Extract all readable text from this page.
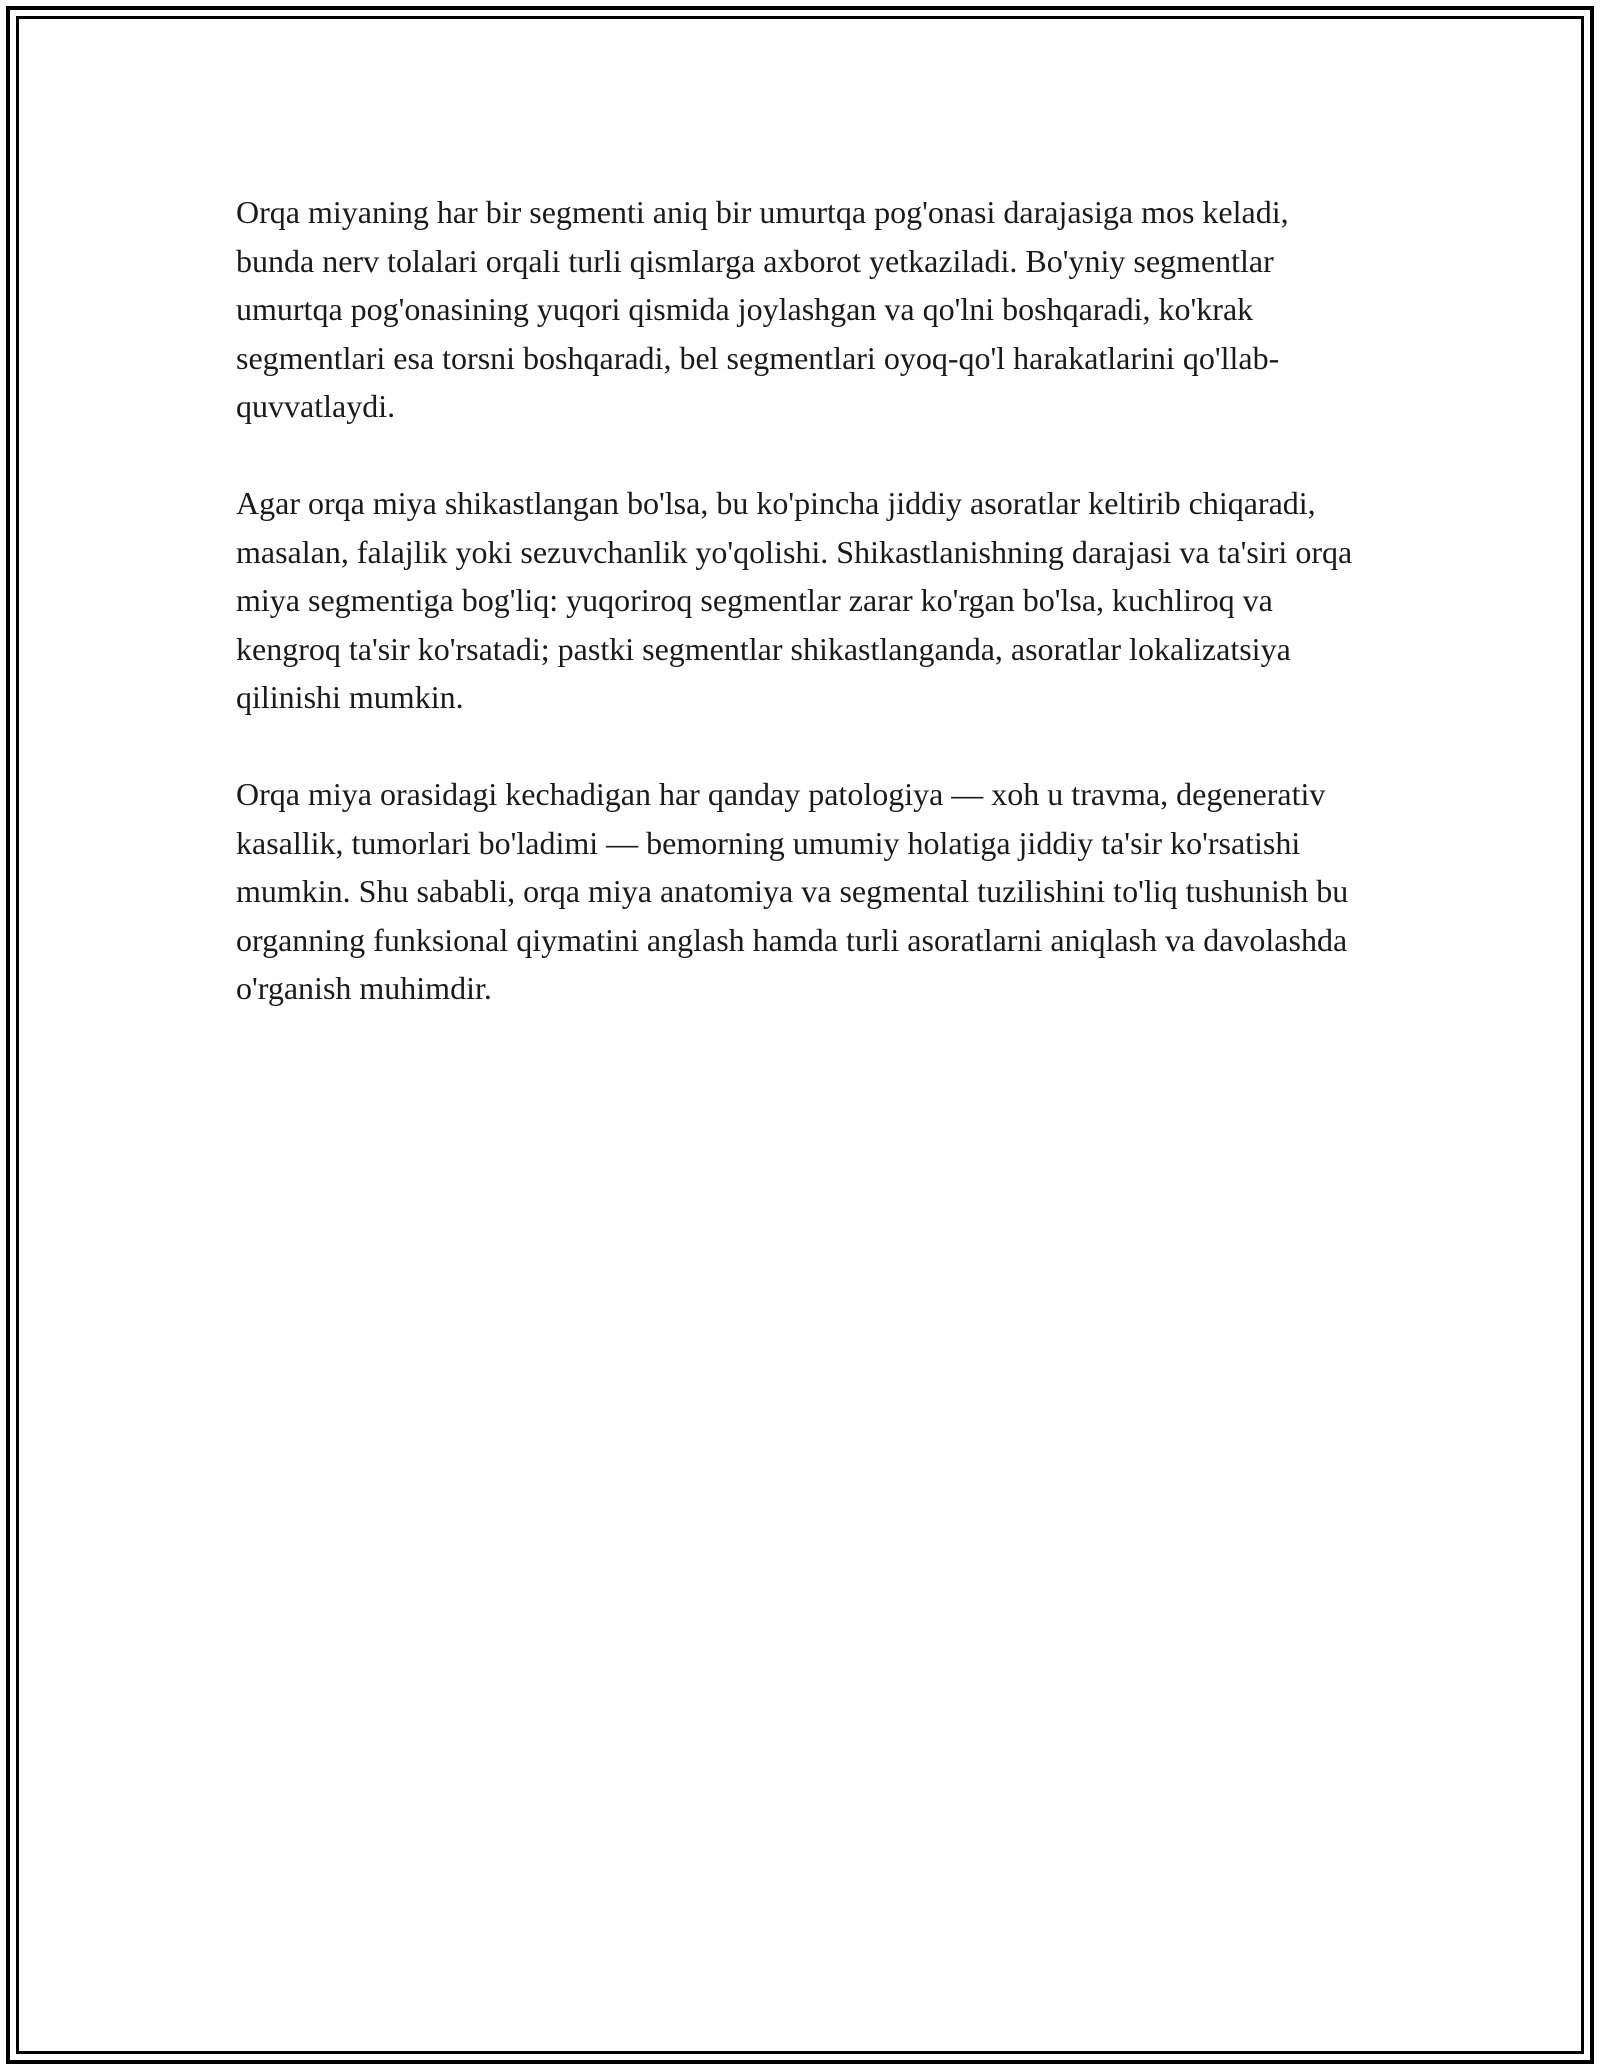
Orqa miyaning har bir segmenti aniq bir umurtqa pog'onasi darajasiga mos keladi, bunda nerv tolalari orqali turli qismlarga axborot yetkaziladi. Bo'yniy segmentlar umurtqa pog'onasining yuqori qismida joylashgan va qo'lni boshqaradi, ko'krak segmentlari esa torsni boshqaradi, bel segmentlari oyoq-qo'l harakatlarini qo'llab-quvvatlaydi.

Agar orqa miya shikastlangan bo'lsa, bu ko'pincha jiddiy asoratlar keltirib chiqaradi, masalan, falajlik yoki sezuvchanlik yo'qolishi. Shikastlanishning darajasi va ta'siri orqa miya segmentiga bog'liq: yuqoriroq segmentlar zarar ko'rgan bo'lsa, kuchliroq va kengroq ta'sir ko'rsatadi; pastki segmentlar shikastlanganda, asoratlar lokalizatsiya qilinishi mumkin.

Orqa miya orasidagi kechadigan har qanday patologiya — xoh u travma, degenerativ kasallik, tumorlari bo'ladimi — bemorning umumiy holatiga jiddiy ta'sir ko'rsatishi mumkin. Shu sababli, orqa miya anatomiya va segmental tuzilishini to'liq tushunish bu organning funksional qiymatini anglash hamda turli asoratlarni aniqlash va davolashda o'rganish muhimdir.
